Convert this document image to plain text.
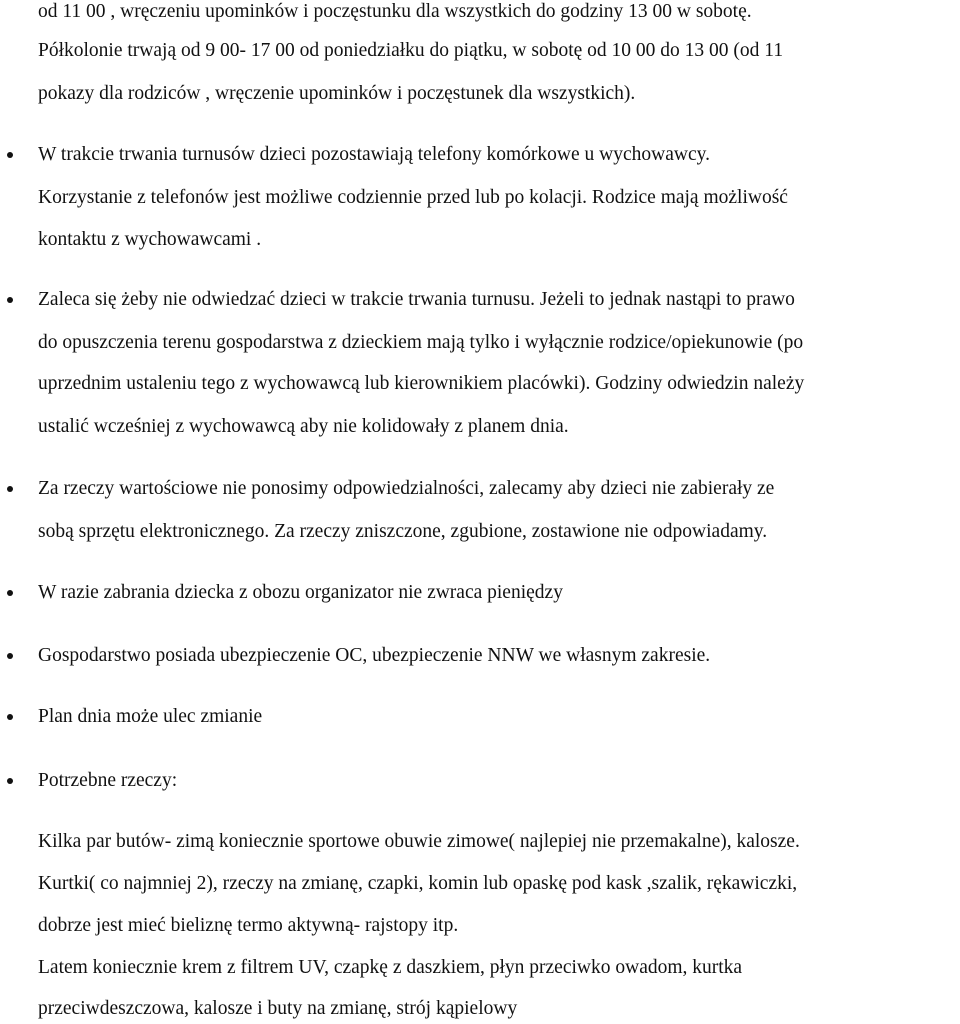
od 11 00 , wręczeniu upominków i poczęstunku dla wszystkich do godziny 13 00 w sobotę.

Półkolonie trwają od 9 00- 17 00 od poniedziałku do piątku, w sobotę od 10 00 do 13 00 (od 11

pokazy dla rodziców , wręczenie upominków i poczęstunek dla wszystkich).

W trakcie trwania turnusów dzieci pozostawiają telefony komórkowe u wychowawcy.

Korzystanie z telefonów jest możliwe codziennie przed lub po kolacji. Rodzice mają możliwość

kontaktu z wychowawcami .

Zaleca się żeby nie odwiedzać dzieci w trakcie trwania turnusu. Jeżeli to jednak nastąpi to prawo

do opuszczenia terenu gospodarstwa z dzieckiem mają tylko i wyłącznie rodzice/opiekunowie (po

uprzednim ustaleniu tego z wychowawcą lub kierownikiem placówki). Godziny odwiedzin należy

ustalić wcześniej z wychowawcą aby nie kolidowały z planem dnia.

Za rzeczy wartościowe nie ponosimy odpowiedzialności, zalecamy aby dzieci nie zabierały ze

sobą sprzętu elektronicznego. Za rzeczy zniszczone, zgubione, zostawione nie odpowiadamy.

W razie zabrania dziecka z obozu organizator nie zwraca pieniędzy

Gospodarstwo posiada ubezpieczenie OC, ubezpieczenie NNW we własnym zakresie.

Plan dnia może ulec zmianie

Potrzebne rzeczy:

Kilka par butów- zimą koniecznie sportowe obuwie zimowe( najlepiej nie przemakalne), kalosze.

Kurtki( co najmniej 2), rzeczy na zmianę, czapki, komin lub opaskę pod kask ,szalik, rękawiczki,

dobrze jest mieć bieliznę termo aktywną- rajstopy itp.

Latem koniecznie krem z filtrem UV, czapkę z daszkiem, płyn przeciwko owadom, kurtka

przeciwdeszczowa, kalosze i buty na zmianę, strój kąpielowy
